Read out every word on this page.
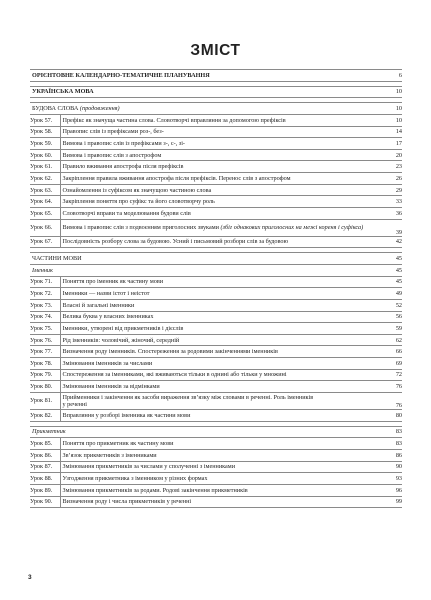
ЗМІСТ
ОРІЄНТОВНЕ КАЛЕНДАРНО-ТЕМАТИЧНЕ ПЛАНУВАННЯ		6

УКРАЇНСЬКА МОВА		10

БУДОВА СЛОВА (продовження)		10
Урок 57.	Префікс як значуща частина слова. Словотворчі вправляння за допомогою префіксів	10
Урок 58.	Правопис слів із префіксами роз-, без-	14
Урок 59.	Вимова і правопис слів із префіксами з-, с-, зі-	17
Урок 60.	Вимова і правопис слів з апострофом	20
Урок 61.	Правило вживання апострофа після префіксів	23
Урок 62.	Закріплення правила вживання апострофа після префіксів. Перенос слів з апострофом	26
Урок 63.	Ознайомлення із суфіксом як значущою частиною слова	29
Урок 64.	Закріплення поняття про суфікс та його словотворчу роль	33
Урок 65.	Словотворчі вправи та моделювання будови слів	36
Урок 66.	Вимова і правопис слів з подвоєнням приголосних звуками (збіг однакових приголосних на межі кореня і суфікса)	39
Урок 67.	Послідовність розбору слова за будовою. Усний і письмовий розбори слів за будовою	42

ЧАСТИНИ МОВИ		45
Іменник		45
Урок 71.	Поняття про іменник як частину мови	45
Урок 72.	Іменники — назви істот і неістот	49
Урок 73.	Власні й загальні іменники	52
Урок 74.	Велика буква у власних іменниках	56
Урок 75.	Іменники, утворені від прикметників і дієслів	59
Урок 76.	Рід іменників: чоловічий, жіночий, середній	62
Урок 77.	Визначення роду іменників. Спостереження за родовими закінченнями іменників	66
Урок 78.	Змінювання іменників за числами	69
Урок 79.	Спостереження за іменниками, які вживаються тільки в однині або тільки у множині	72
Урок 80.	Змінювання іменників за відмінками	76
Урок 81.	Прийменники і закінчення як засоби вираження зв’язку між словами в реченні. Роль іменників
у реченні	76
Урок 82.	Вправляння у розборі іменника як частини мови	80

Прикметник		83
Урок 85.	Поняття про прикметник як частину мови	83
Урок 86.	Зв’язок прикметників з іменниками	86
Урок 87.	Змінювання прикметників за числами у сполученні з іменниками	90
Урок 88.	Узгодження прикметника з іменником у різних формах	93
Урок 89.	Змінювання прикметників за родами. Родові закінчення прикметників	96
Урок 90.	Визначення роду і числа прикметників у реченні	99
3
